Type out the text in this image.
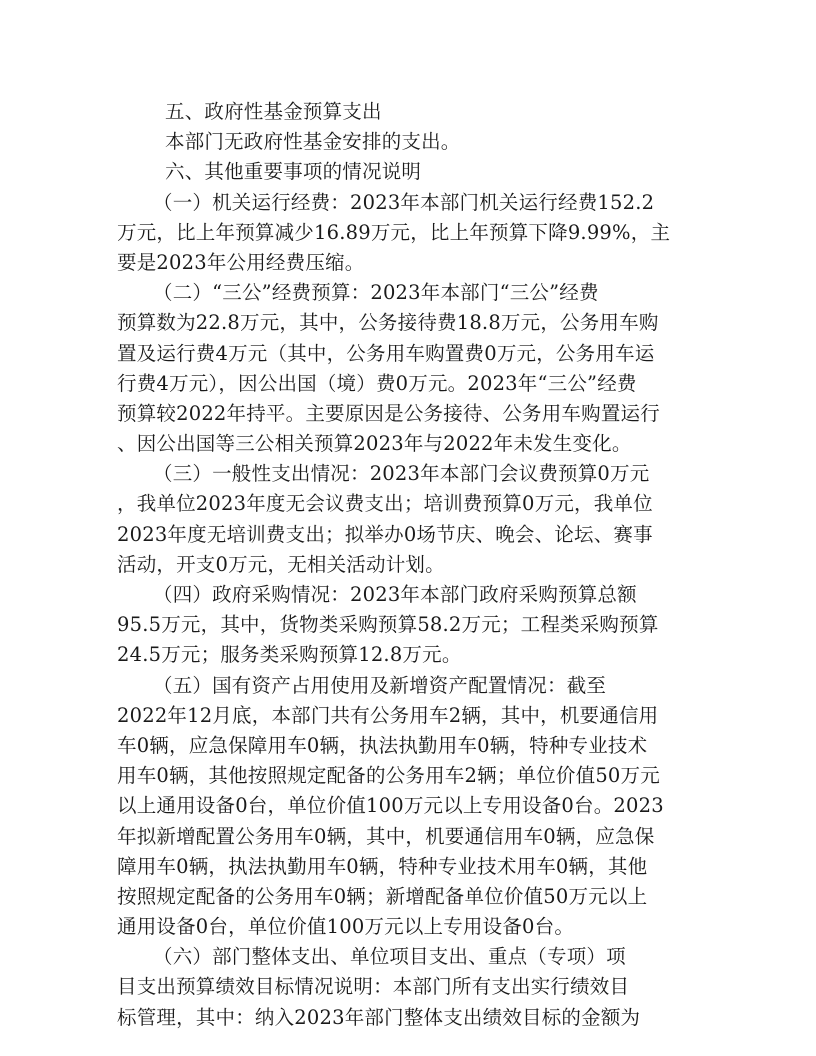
五、政府性基金预算支出
本部门无政府性基金安排的支出。
六、其他重要事项的情况说明
（一）机关运行经费：2023年本部门机关运行经费152.2
万元，比上年预算减少16.89万元，比上年预算下降9.99%，主
要是2023年公用经费压缩。
（二）“三公”经费预算：2023年本部门“三公”经费
预算数为22.8万元，其中，公务接待费18.8万元，公务用车购
置及运行费4万元（其中，公务用车购置费0万元，公务用车运
行费4万元），因公出国（境）费0万元。2023年“三公”经费
预算较2022年持平。主要原因是公务接待、公务用车购置运行
、因公出国等三公相关预算2023年与2022年未发生变化。
（三）一般性支出情况：2023年本部门会议费预算0万元
，我单位2023年度无会议费支出；培训费预算0万元，我单位
2023年度无培训费支出；拟举办0场节庆、晚会、论坛、赛事
活动，开支0万元，无相关活动计划。
（四）政府采购情况：2023年本部门政府采购预算总额
95.5万元，其中，货物类采购预算58.2万元；工程类采购预算
24.5万元；服务类采购预算12.8万元。
（五）国有资产占用使用及新增资产配置情况：截至
2022年12月底，本部门共有公务用车2辆，其中，机要通信用
车0辆，应急保障用车0辆，执法执勤用车0辆，特种专业技术
用车0辆，其他按照规定配备的公务用车2辆；单位价值50万元
以上通用设备0台，单位价值100万元以上专用设备0台。2023
年拟新增配置公务用车0辆，其中，机要通信用车0辆，应急保
障用车0辆，执法执勤用车0辆，特种专业技术用车0辆，其他
按照规定配备的公务用车0辆；新增配备单位价值50万元以上
通用设备0台，单位价值100万元以上专用设备0台。
（六）部门整体支出、单位项目支出、重点（专项）项
目支出预算绩效目标情况说明：本部门所有支出实行绩效目
标管理，其中：纳入2023年部门整体支出绩效目标的金额为
